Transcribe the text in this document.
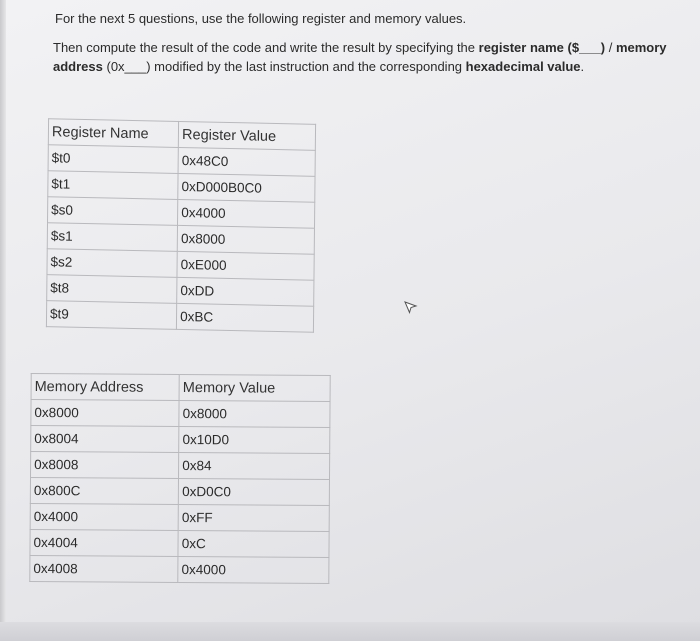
For the next 5 questions, use the following register and memory values.
Then compute the result of the code and write the result by specifying the register name ($___) / memory address (0x___) modified by the last instruction and the corresponding hexadecimal value.
Register Name	Register Value
$t0	0x48C0
$t1	0xD000B0C0
$s0	0x4000
$s1	0x8000
$s2	0xE000
$t8	0xDD
$t9	0xBC
Memory Address	Memory Value
0x8000	0x8000
0x8004	0x10D0
0x8008	0x84
0x800C	0xD0C0
0x4000	0xFF
0x4004	0xC
0x4008	0x4000
